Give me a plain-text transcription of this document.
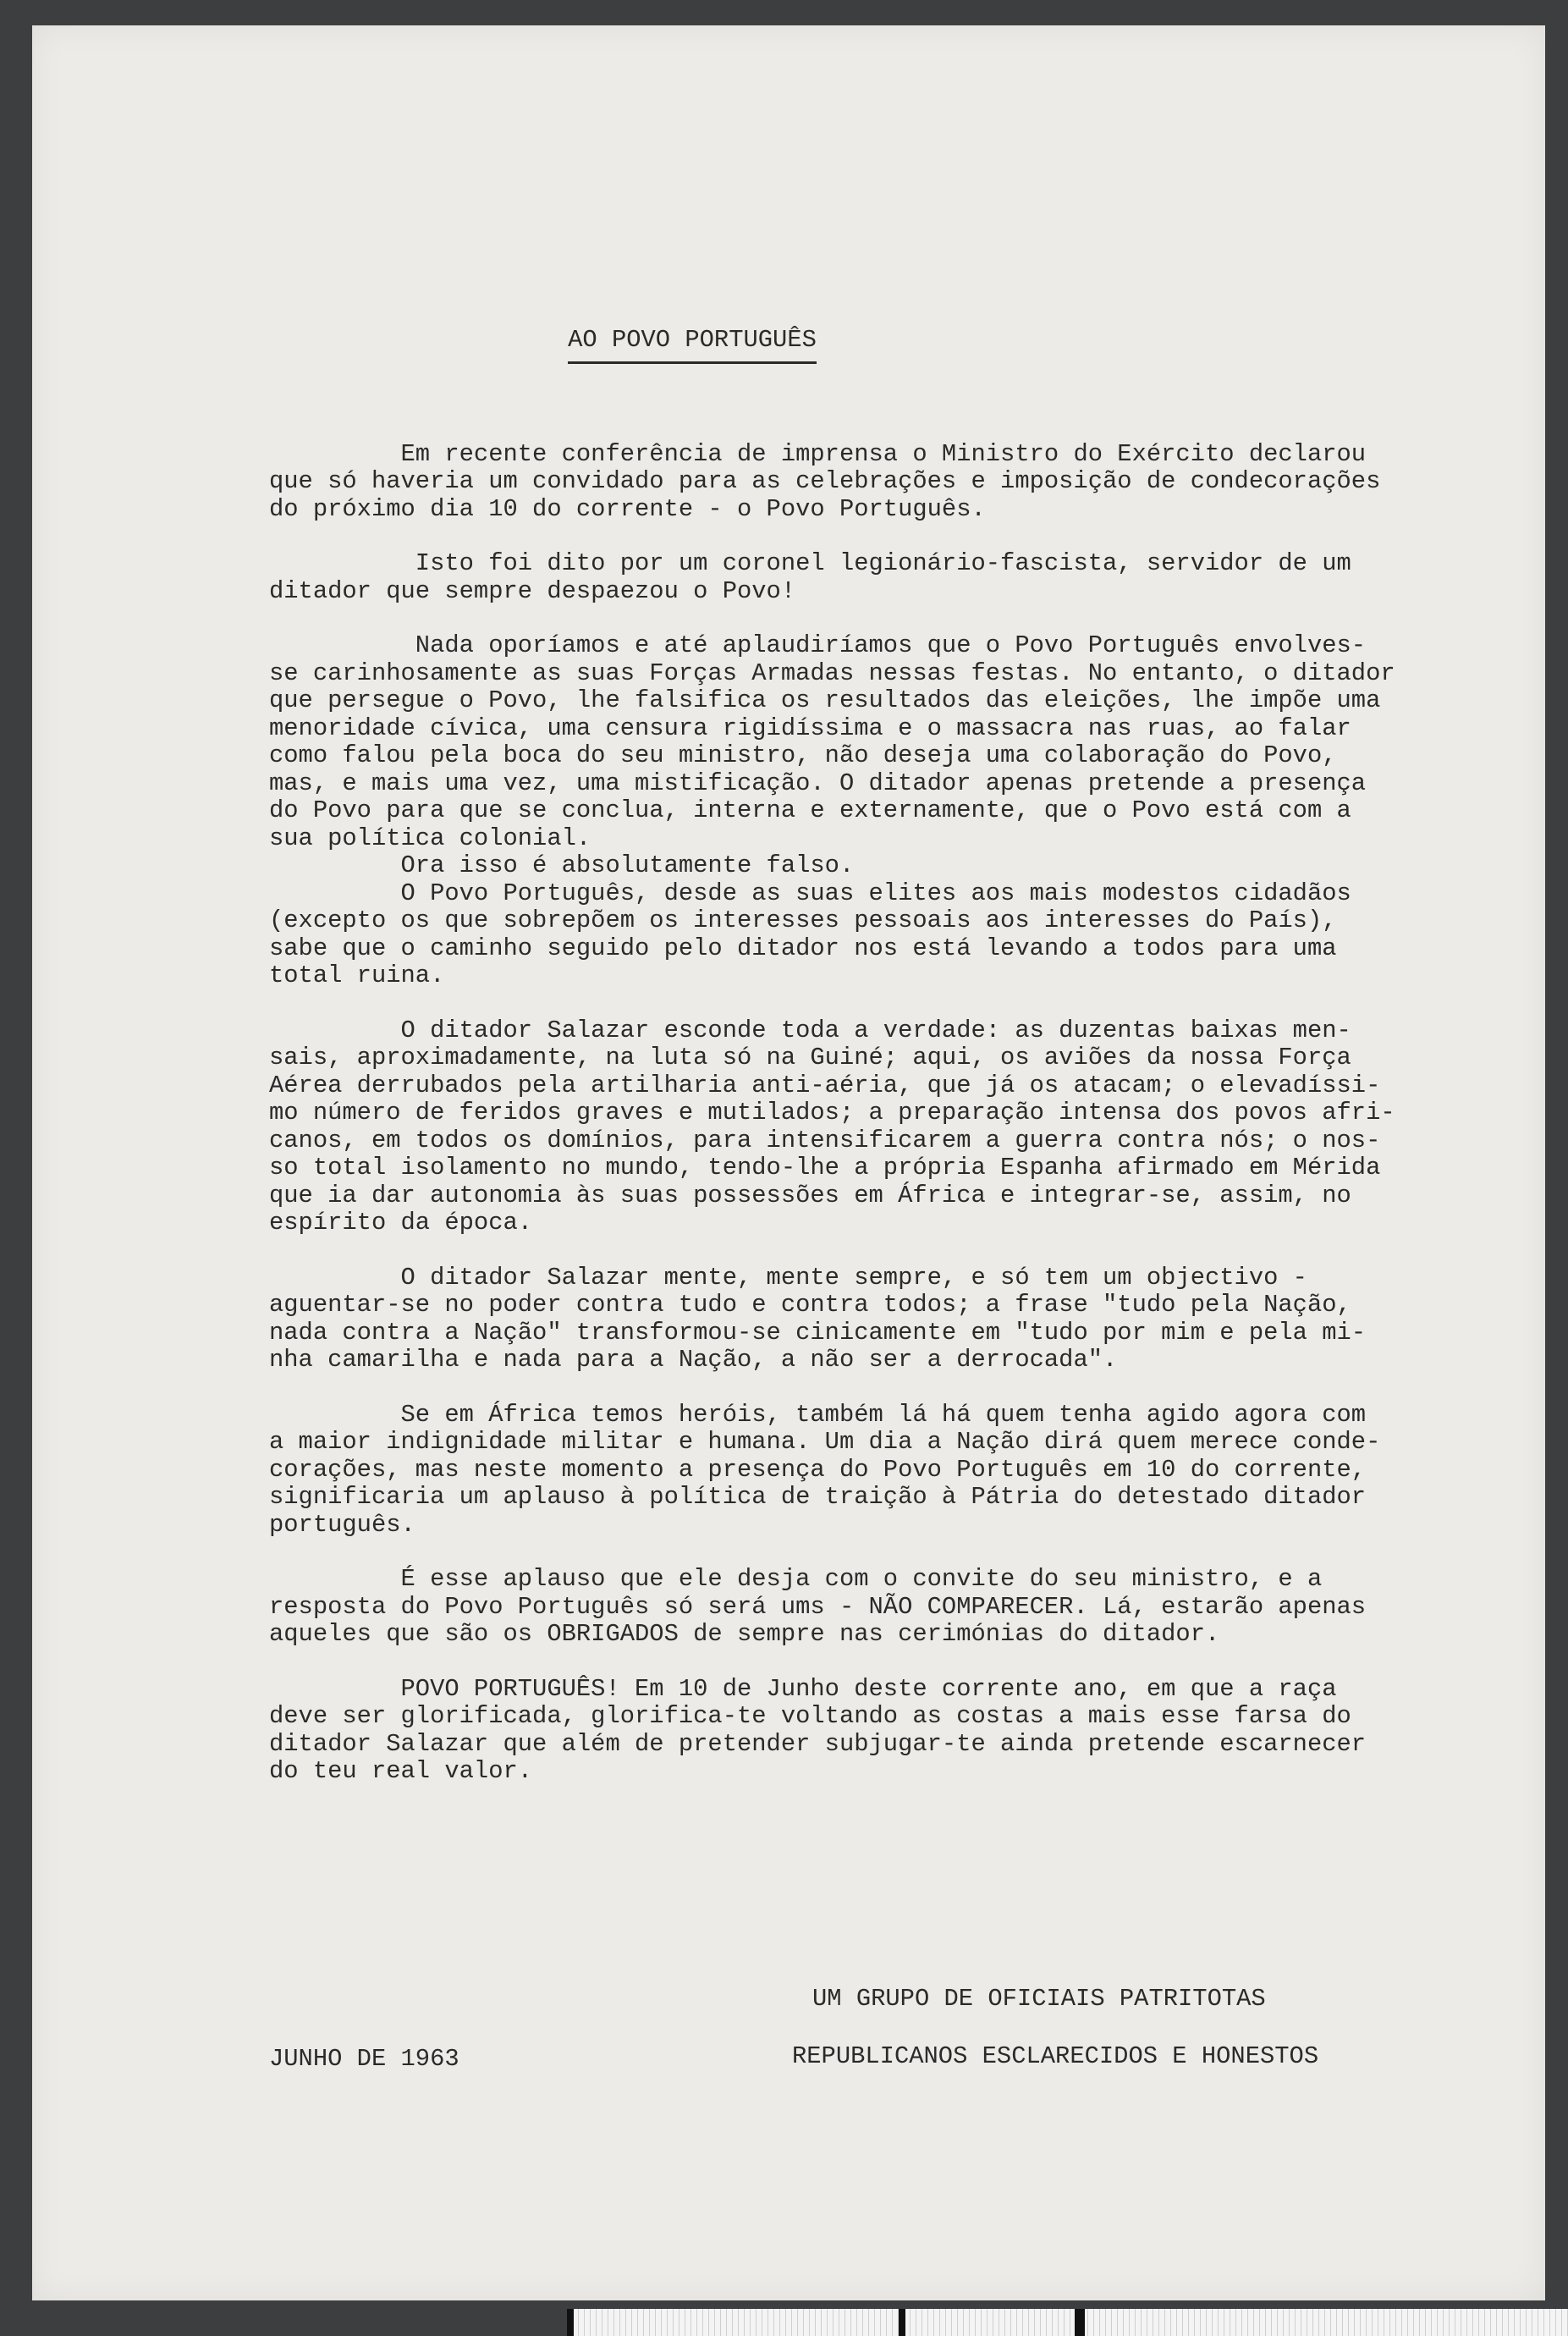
AO POVO PORTUGUÊS
Em recente conferência de imprensa o Ministro do Exército declarou
que só haveria um convidado para as celebrações e imposição de condecorações
do próximo dia 10 do corrente - o Povo Português.
Isto foi dito por um coronel legionário-fascista, servidor de um
ditador que sempre despaezou o Povo!
Nada oporíamos e até aplaudiríamos que o Povo Português envolves-
se carinhosamente as suas Forças Armadas nessas festas. No entanto, o ditador
que persegue o Povo, lhe falsifica os resultados das eleições, lhe impõe uma
menoridade cívica, uma censura rigidíssima e o massacra nas ruas, ao falar
como falou pela boca do seu ministro, não deseja uma colaboração do Povo,
mas, e mais uma vez, uma mistificação. O ditador apenas pretende a presença
do Povo para que se conclua, interna e externamente, que o Povo está com a
sua política colonial.
Ora isso é absolutamente falso.
O Povo Português, desde as suas elites aos mais modestos cidadãos
(excepto os que sobrepõem os interesses pessoais aos interesses do País),
sabe que o caminho seguido pelo ditador nos está levando a todos para uma
total ruina.
O ditador Salazar esconde toda a verdade: as duzentas baixas men-
sais, aproximadamente, na luta só na Guiné; aqui, os aviões da nossa Força
Aérea derrubados pela artilharia anti-aéria, que já os atacam; o elevadíssi-
mo número de feridos graves e mutilados; a preparação intensa dos povos afri-
canos, em todos os domínios, para intensificarem a guerra contra nós; o nos-
so total isolamento no mundo, tendo-lhe a própria Espanha afirmado em Mérida
que ia dar autonomia às suas possessões em África e integrar-se, assim, no
espírito da época.
O ditador Salazar mente, mente sempre, e só tem um objectivo -
aguentar-se no poder contra tudo e contra todos; a frase "tudo pela Nação,
nada contra a Nação" transformou-se cinicamente em "tudo por mim e pela mi-
nha camarilha e nada para a Nação, a não ser a derrocada".
Se em África temos heróis, também lá há quem tenha agido agora com
a maior indignidade militar e humana. Um dia a Nação dirá quem merece conde-
corações, mas neste momento a presença do Povo Português em 10 do corrente,
significaria um aplauso à política de traição à Pátria do detestado ditador
português.
É esse aplauso que ele desja com o convite do seu ministro, e a
resposta do Povo Português só será ums - NÃO COMPARECER. Lá, estarão apenas
aqueles que são os OBRIGADOS de sempre nas cerimónias do ditador.
POVO PORTUGUÊS! Em 10 de Junho deste corrente ano, em que a raça
deve ser glorificada, glorifica-te voltando as costas a mais esse farsa do
ditador Salazar que além de pretender subjugar-te ainda pretende escarnecer
do teu real valor.
UM GRUPO DE OFICIAIS PATRITOTAS
REPUBLICANOS ESCLARECIDOS E HONESTOS
JUNHO DE 1963
